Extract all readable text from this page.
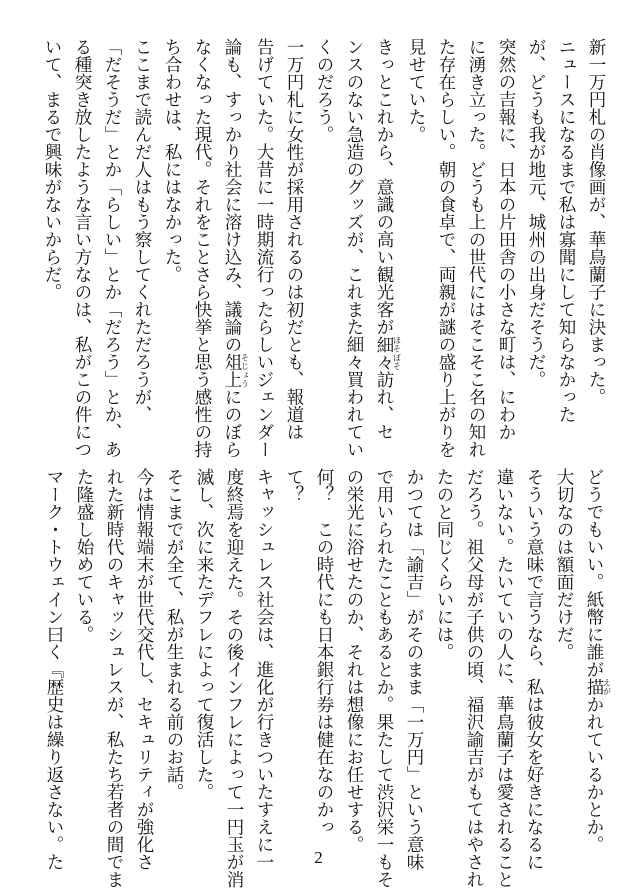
新一万円札の肖像画が、華鳥蘭子に決まった。
ニュースになるまで私は寡聞にして知らなかった
が、どうも我が地元、城州の出身だそうだ。
突然の吉報に、日本の片田舎の小さな町は、にわか
に湧き立った。どうも上の世代にはそこそこ名の知れ
た存在らしい。朝の食卓で、両親が謎の盛り上がりを
見せていた。
きっとこれから、意識の高い観光客が細々ほそぼそ訪れ、セ
ンスのない急造のグッズが、これまた細々買われてい
くのだろう。
一万円札に女性が採用されるのは初だとも、報道は
告げていた。大昔に一時期流行ったらしいジェンダー
論も、すっかり社会に溶け込み、議論の俎上そじょうにのぼら
なくなった現代。それをことさら快挙と思う感性の持
ち合わせは、私にはなかった。
ここまで読んだ人はもう察してくれただろうが、
「だそうだ」とか「らしい」とか「だろう」とか、あ
る種突き放したような言い方なのは、私がこの件につ
いて、まるで興味がないからだ。
どうでもいい。紙幣に誰が描えがかれているかとか。
大切なのは額面だけだ。
そういう意味で言うなら、私は彼女を好きになるに
違いない。たいていの人に、華鳥蘭子は愛されること
だろう。祖父母が子供の頃、福沢諭吉がもてはやされ
たのと同じくらいには。
かつては「諭吉」がそのまま「一万円」という意味
で用いられたこともあるとか。果たして渋沢栄一もそ
の栄光に浴せたのか、それは想像にお任せする。
何？　この時代にも日本銀行券は健在なのかっ
て？
キャッシュレス社会は、進化が行きついたすえに一
度終焉を迎えた。その後インフレによって一円玉が消
滅し、次に来たデフレによって復活した。
そこまでが全て、私が生まれる前のお話。
今は情報端末が世代交代し、セキュリティが強化さ
れた新時代のキャッシュレスが、私たち若者の間でま
た隆盛し始めている。
マーク・トウェイン曰く『歴史は繰り返さない。た	2
